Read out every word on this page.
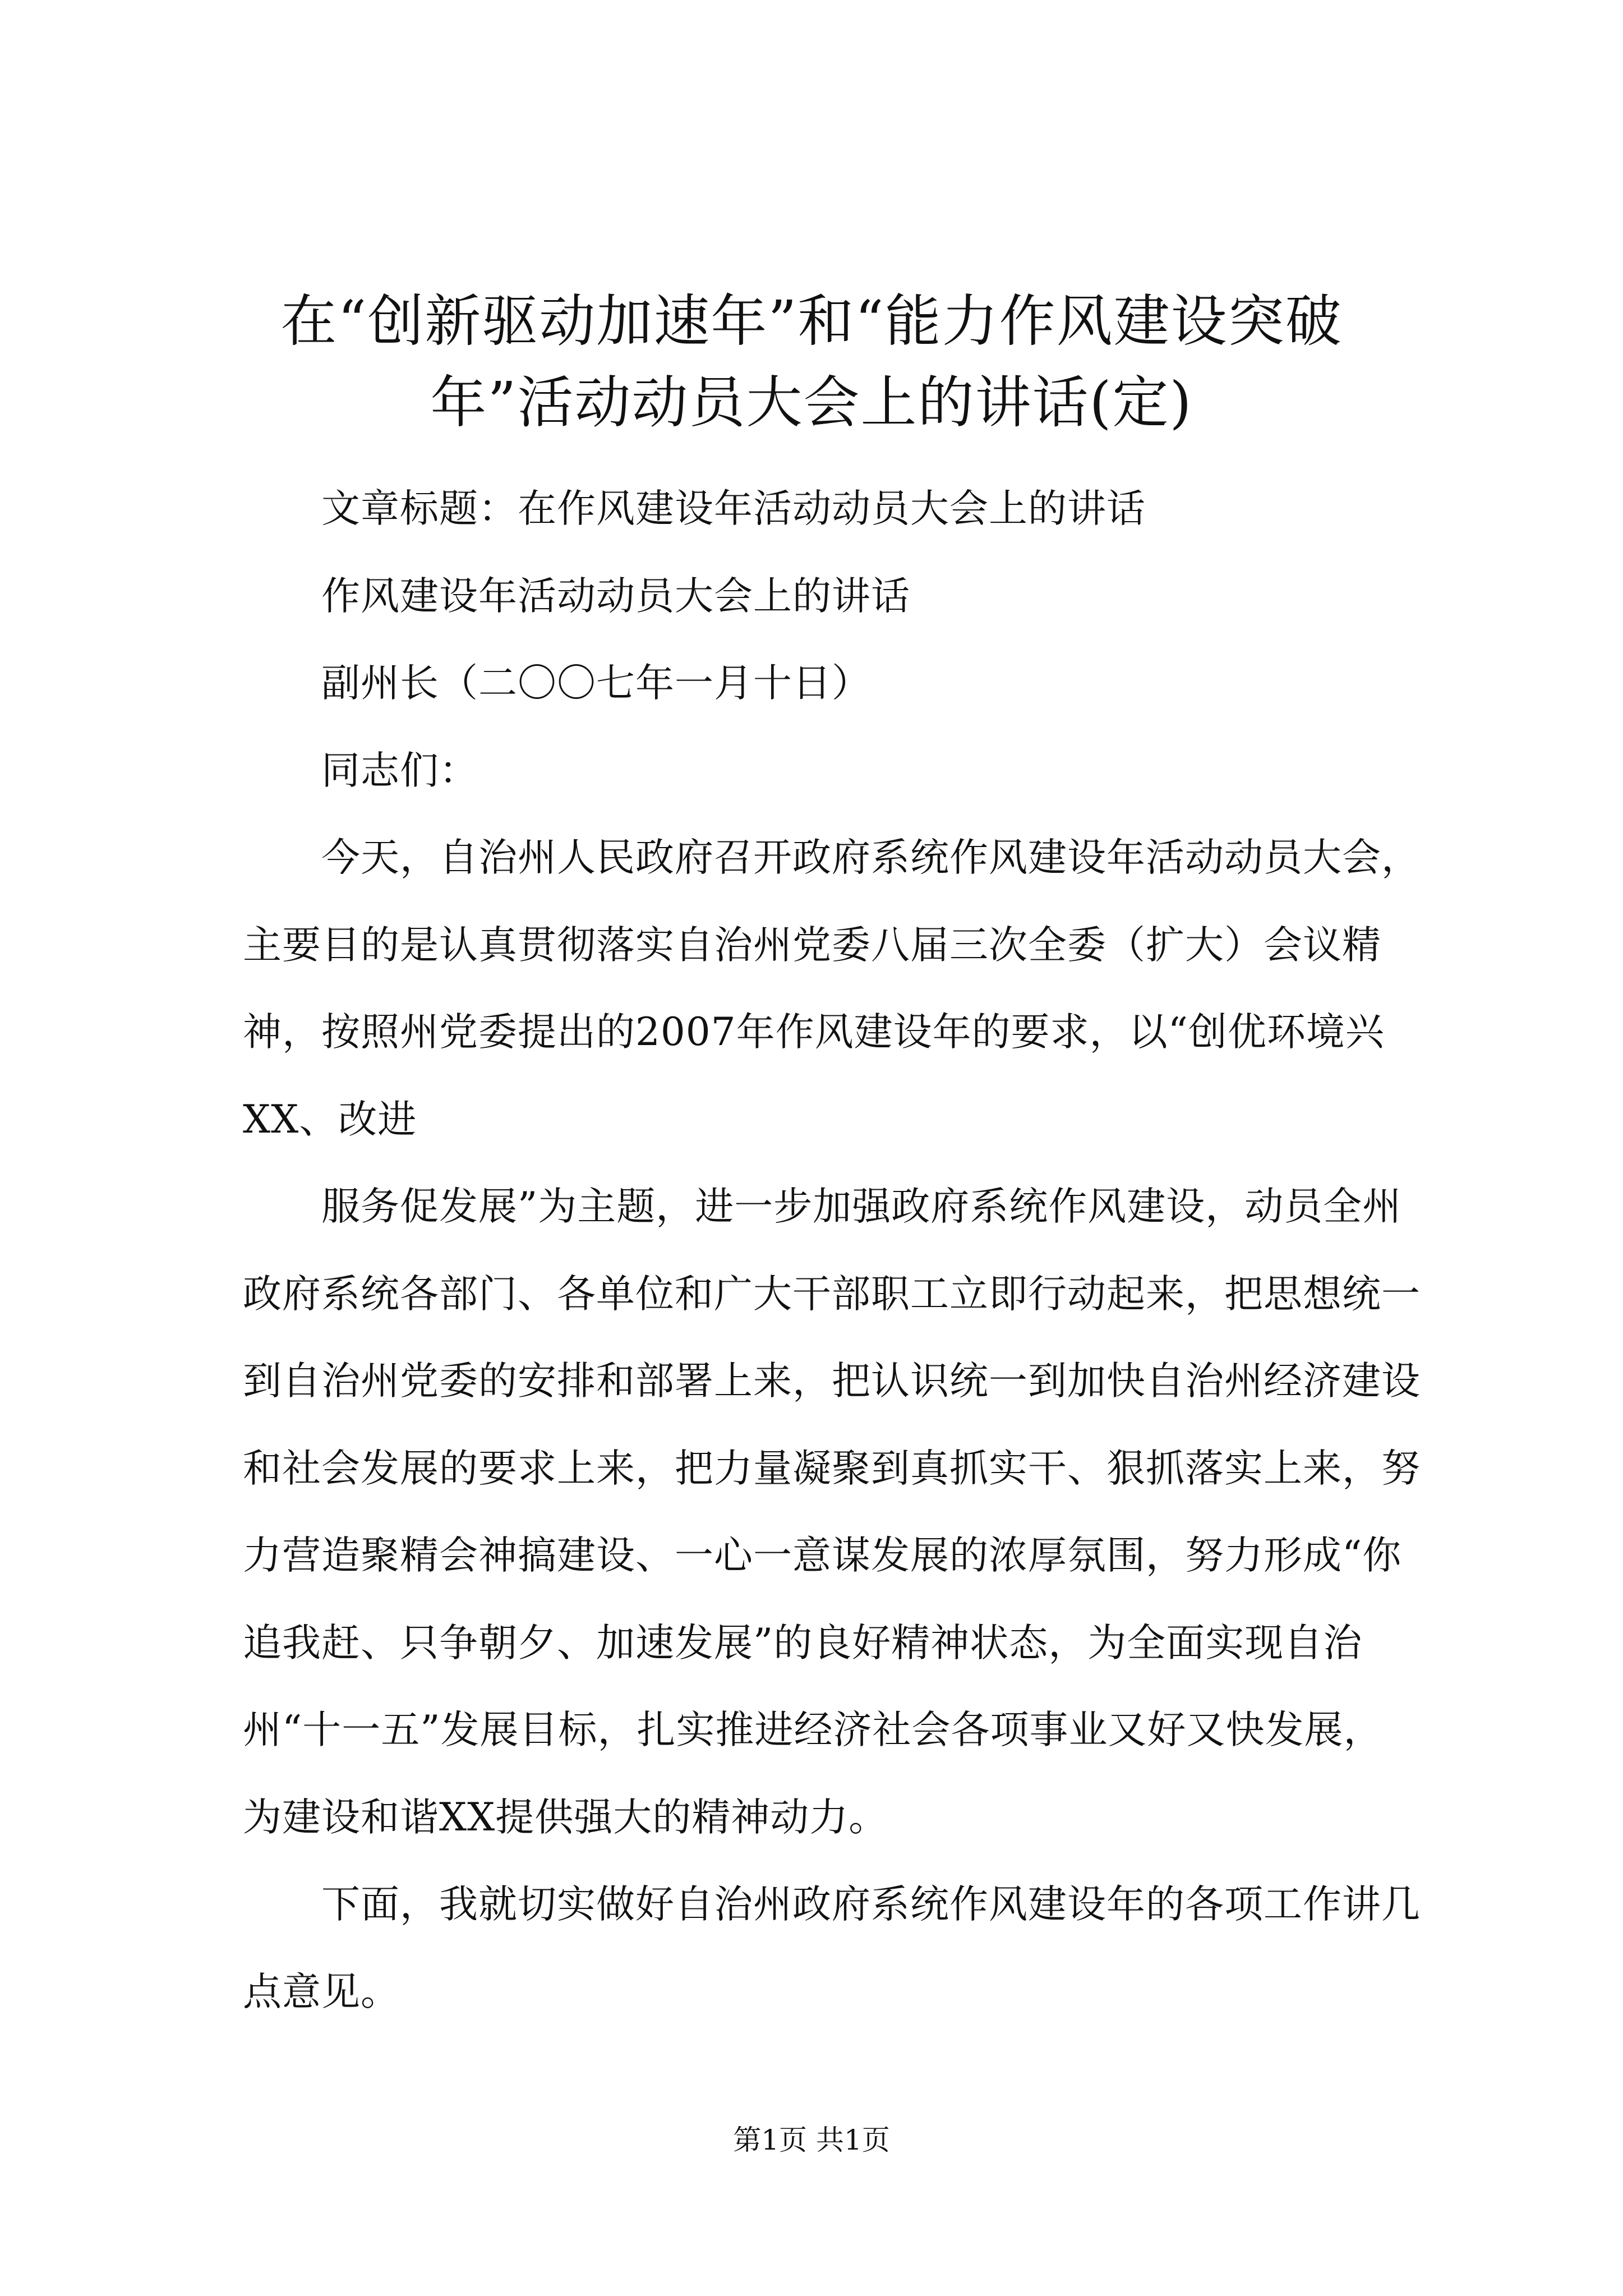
在“创新驱动加速年”和“能力作风建设突破
年”活动动员大会上的讲话(定)

文章标题：在作风建设年活动动员大会上的讲话

作风建设年活动动员大会上的讲话

副州长（二〇〇七年一月十日）

同志们：

今天，自治州人民政府召开政府系统作风建设年活动动员大会，主要目的是认真贯彻落实自治州党委八届三次全委（扩大）会议精神，按照州党委提出的2007年作风建设年的要求，以“创优环境兴XX、改进

服务促发展”为主题，进一步加强政府系统作风建设，动员全州政府系统各部门、各单位和广大干部职工立即行动起来，把思想统一到自治州党委的安排和部署上来，把认识统一到加快自治州经济建设和社会发展的要求上来，把力量凝聚到真抓实干、狠抓落实上来，努力营造聚精会神搞建设、一心一意谋发展的浓厚氛围，努力形成“你追我赶、只争朝夕、加速发展”的良好精神状态，为全面实现自治州“十一五”发展目标，扎实推进经济社会各项事业又好又快发展，为建设和谐XX提供强大的精神动力。

下面，我就切实做好自治州政府系统作风建设年的各项工作讲几点意见。

第1页 共1页
